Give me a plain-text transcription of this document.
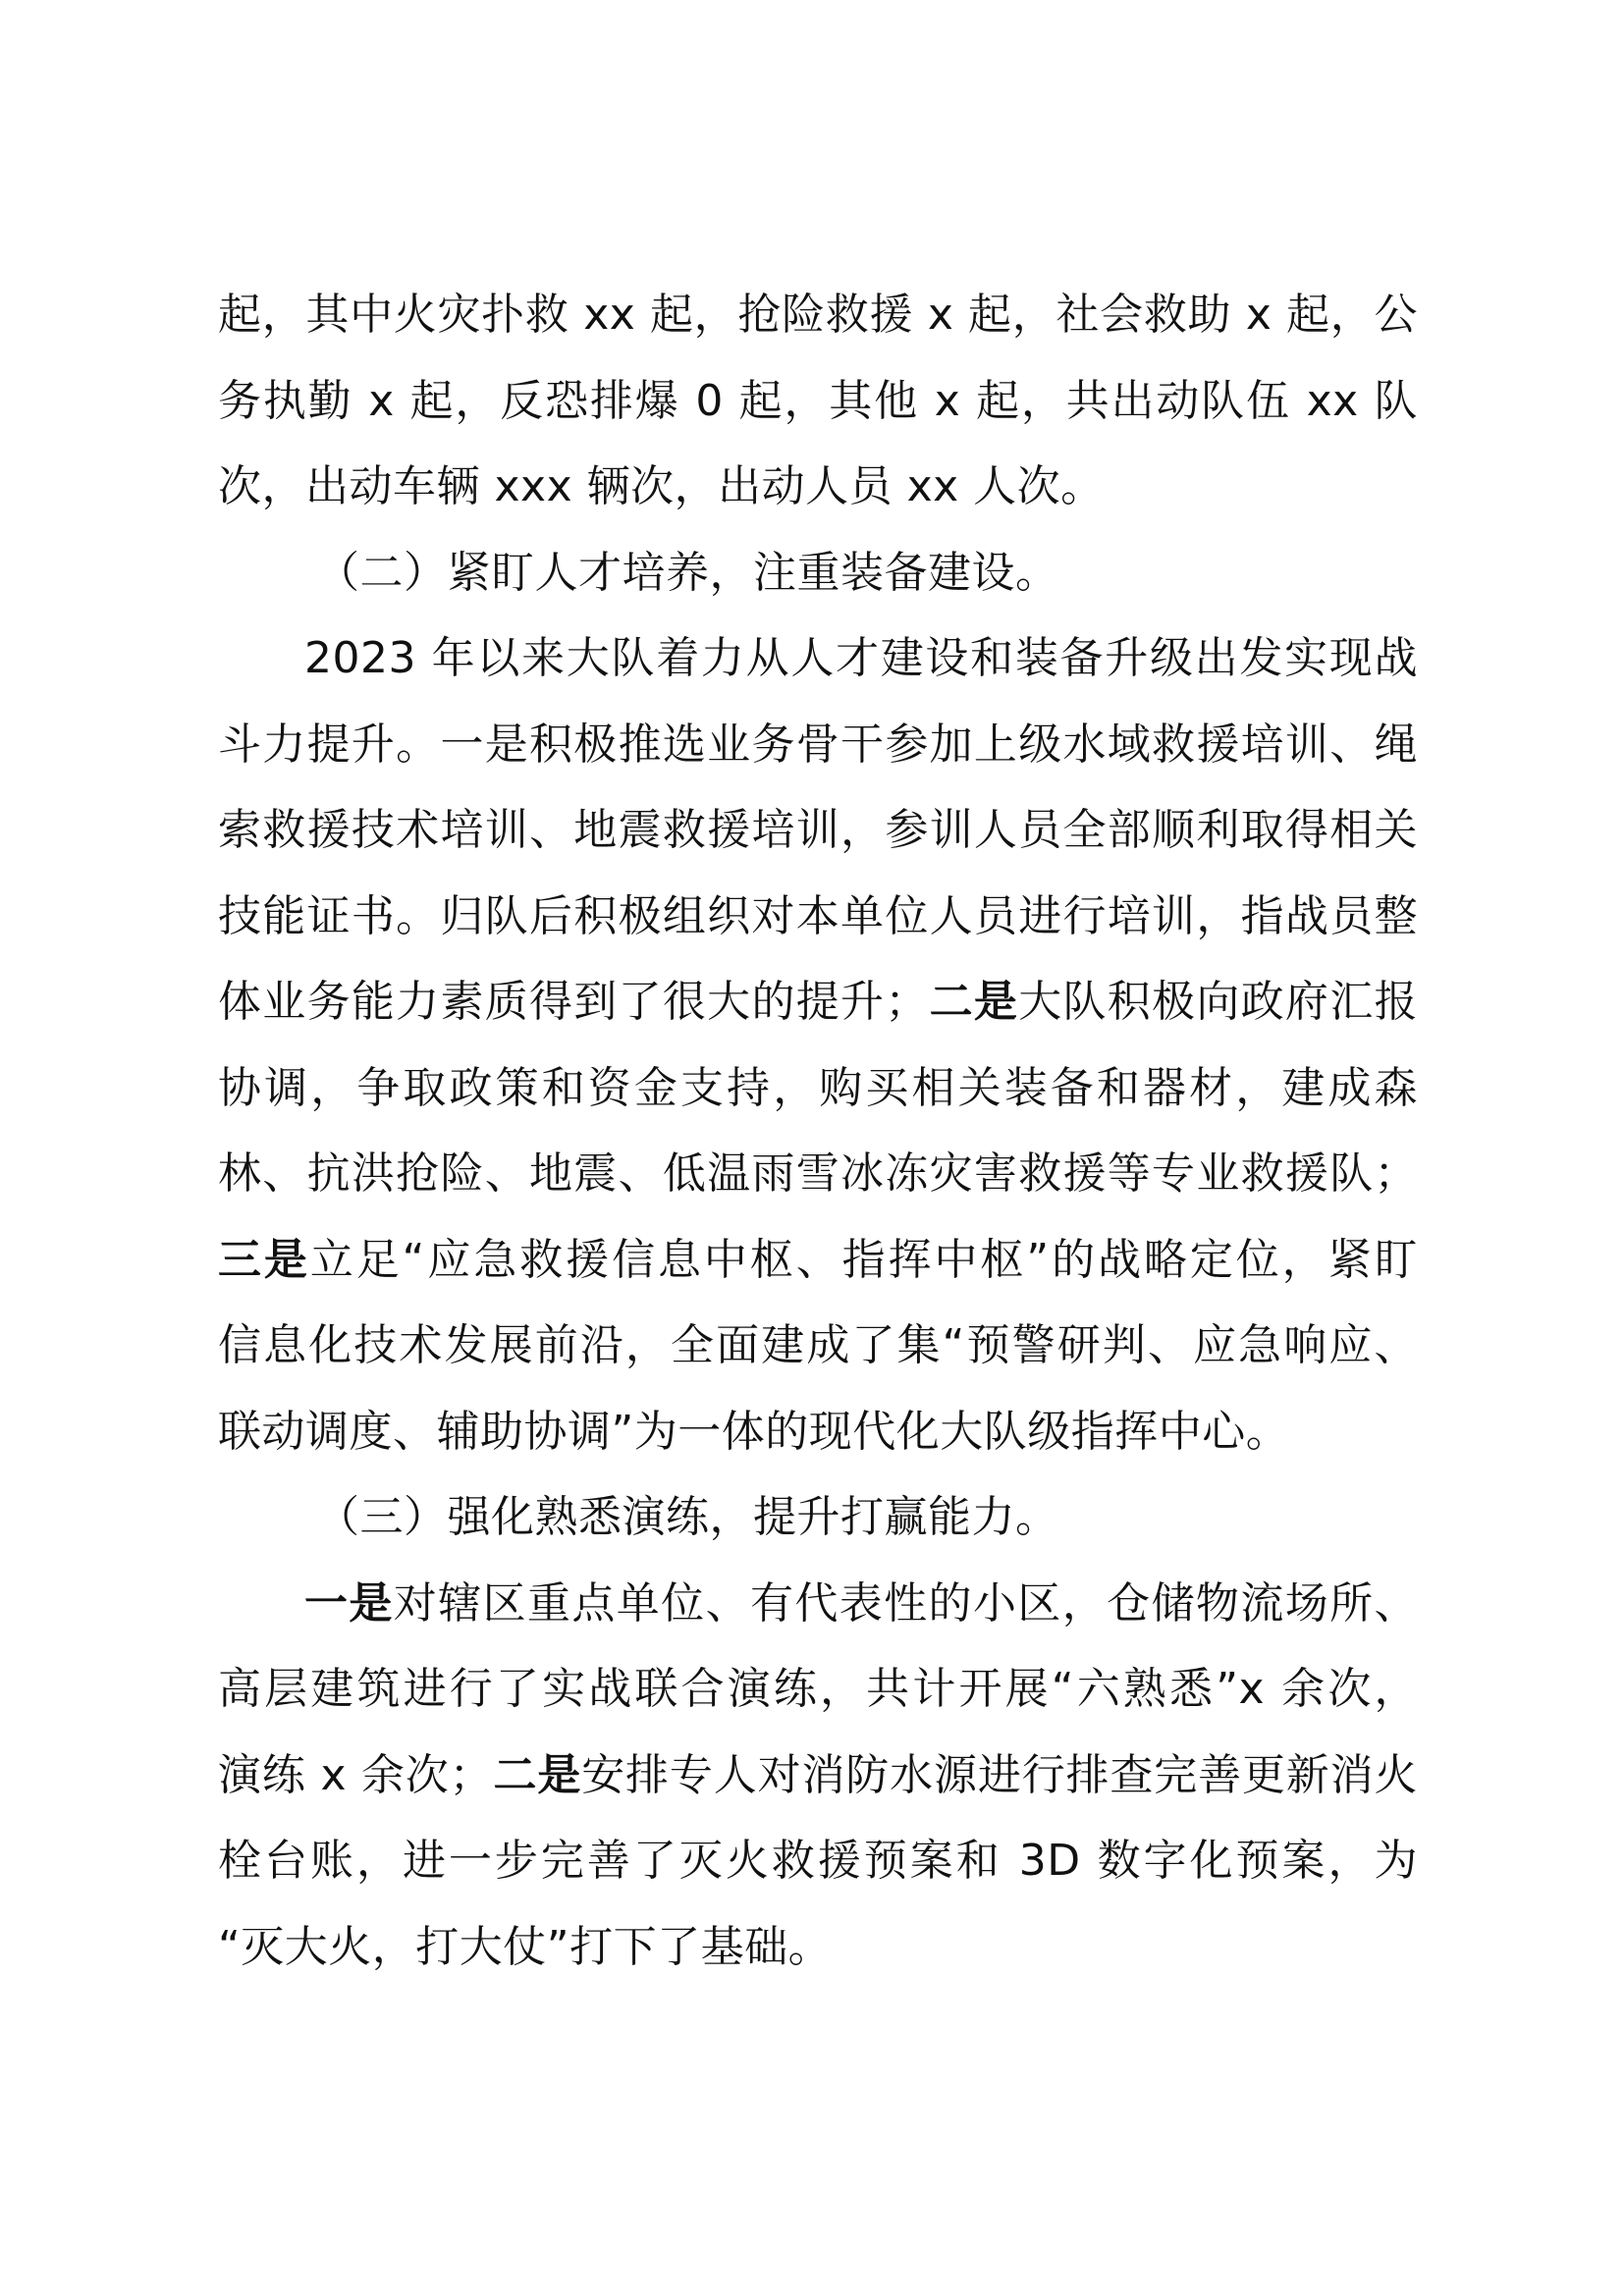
起，其中火灾扑救 xx 起，抢险救援 x 起，社会救助 x 起，公
务执勤 x 起，反恐排爆 0 起，其他 x 起，共出动队伍 xx 队
次，出动车辆 xxx 辆次，出动人员 xx 人次。
（二）紧盯人才培养，注重装备建设。
2023 年以来大队着力从人才建设和装备升级出发实现战
斗力提升。一是积极推选业务骨干参加上级水域救援培训、绳
索救援技术培训、地震救援培训，参训人员全部顺利取得相关
技能证书。归队后积极组织对本单位人员进行培训，指战员整
体业务能力素质得到了很大的提升；二是大队积极向政府汇报
协调，争取政策和资金支持，购买相关装备和器材，建成森
林、抗洪抢险、地震、低温雨雪冰冻灾害救援等专业救援队；
三是立足“应急救援信息中枢、指挥中枢”的战略定位，紧盯
信息化技术发展前沿，全面建成了集“预警研判、应急响应、
联动调度、辅助协调”为一体的现代化大队级指挥中心。
（三）强化熟悉演练，提升打赢能力。
一是对辖区重点单位、有代表性的小区，仓储物流场所、
高层建筑进行了实战联合演练，共计开展“六熟悉”x 余次，
演练 x 余次；二是安排专人对消防水源进行排查完善更新消火
栓台账，进一步完善了灭火救援预案和 3D 数字化预案，为
“灭大火，打大仗”打下了基础。
